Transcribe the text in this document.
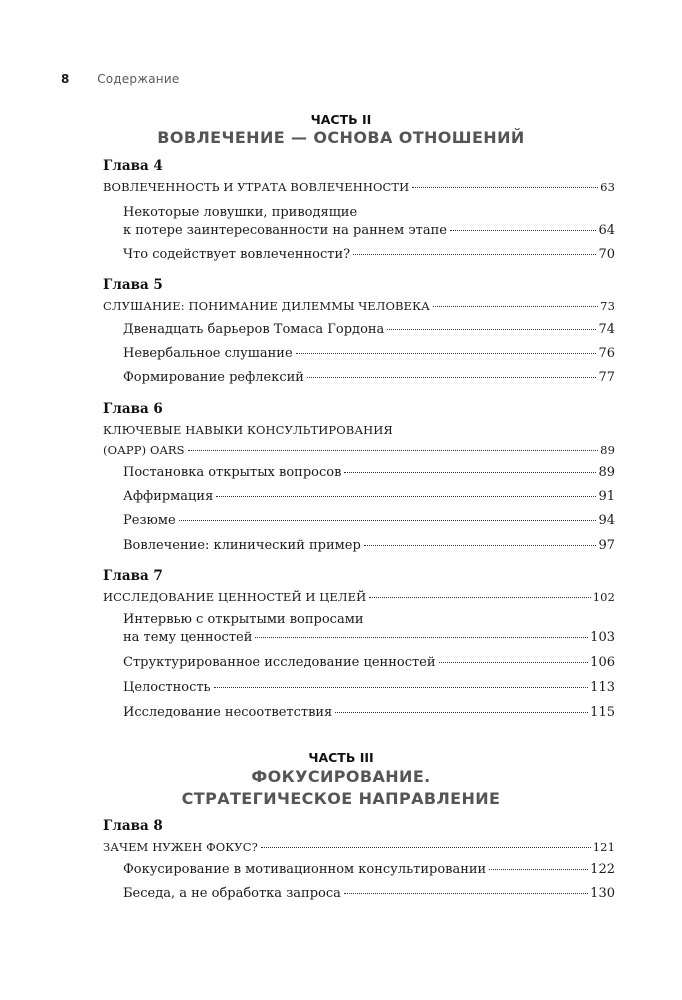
8 Содержание
ЧАСТЬ II
ВОВЛЕЧЕНИЕ — ОСНОВА ОТНОШЕНИЙ
Глава 4
ВОВЛЕЧЕННОСТЬ И УТРАТА ВОВЛЕЧЕННОСТИ	63
Некоторые ловушки, приводящие
к потере заинтересованности на раннем этапе	64
Что содействует вовлеченности?	70
Глава 5
СЛУШАНИЕ: ПОНИМАНИЕ ДИЛЕММЫ ЧЕЛОВЕКА	73
Двенадцать барьеров Томаса Гордона	74
Невербальное слушание	76
Формирование рефлексий	77
Глава 6
КЛЮЧЕВЫЕ НАВЫКИ КОНСУЛЬТИРОВАНИЯ
(ОАРР) OARS	89
Постановка открытых вопросов	89
Аффирмация	91
Резюме	94
Вовлечение: клинический пример	97
Глава 7
ИССЛЕДОВАНИЕ ЦЕННОСТЕЙ И ЦЕЛЕЙ	102
Интервью с открытыми вопросами
на тему ценностей	103
Структурированное исследование ценностей	106
Целостность	113
Исследование несоответствия	115
ЧАСТЬ III
ФОКУСИРОВАНИЕ.
СТРАТЕГИЧЕСКОЕ НАПРАВЛЕНИЕ
Глава 8
ЗАЧЕМ НУЖЕН ФОКУС?	121
Фокусирование в мотивационном консультировании	122
Беседа, а не обработка запроса	130
